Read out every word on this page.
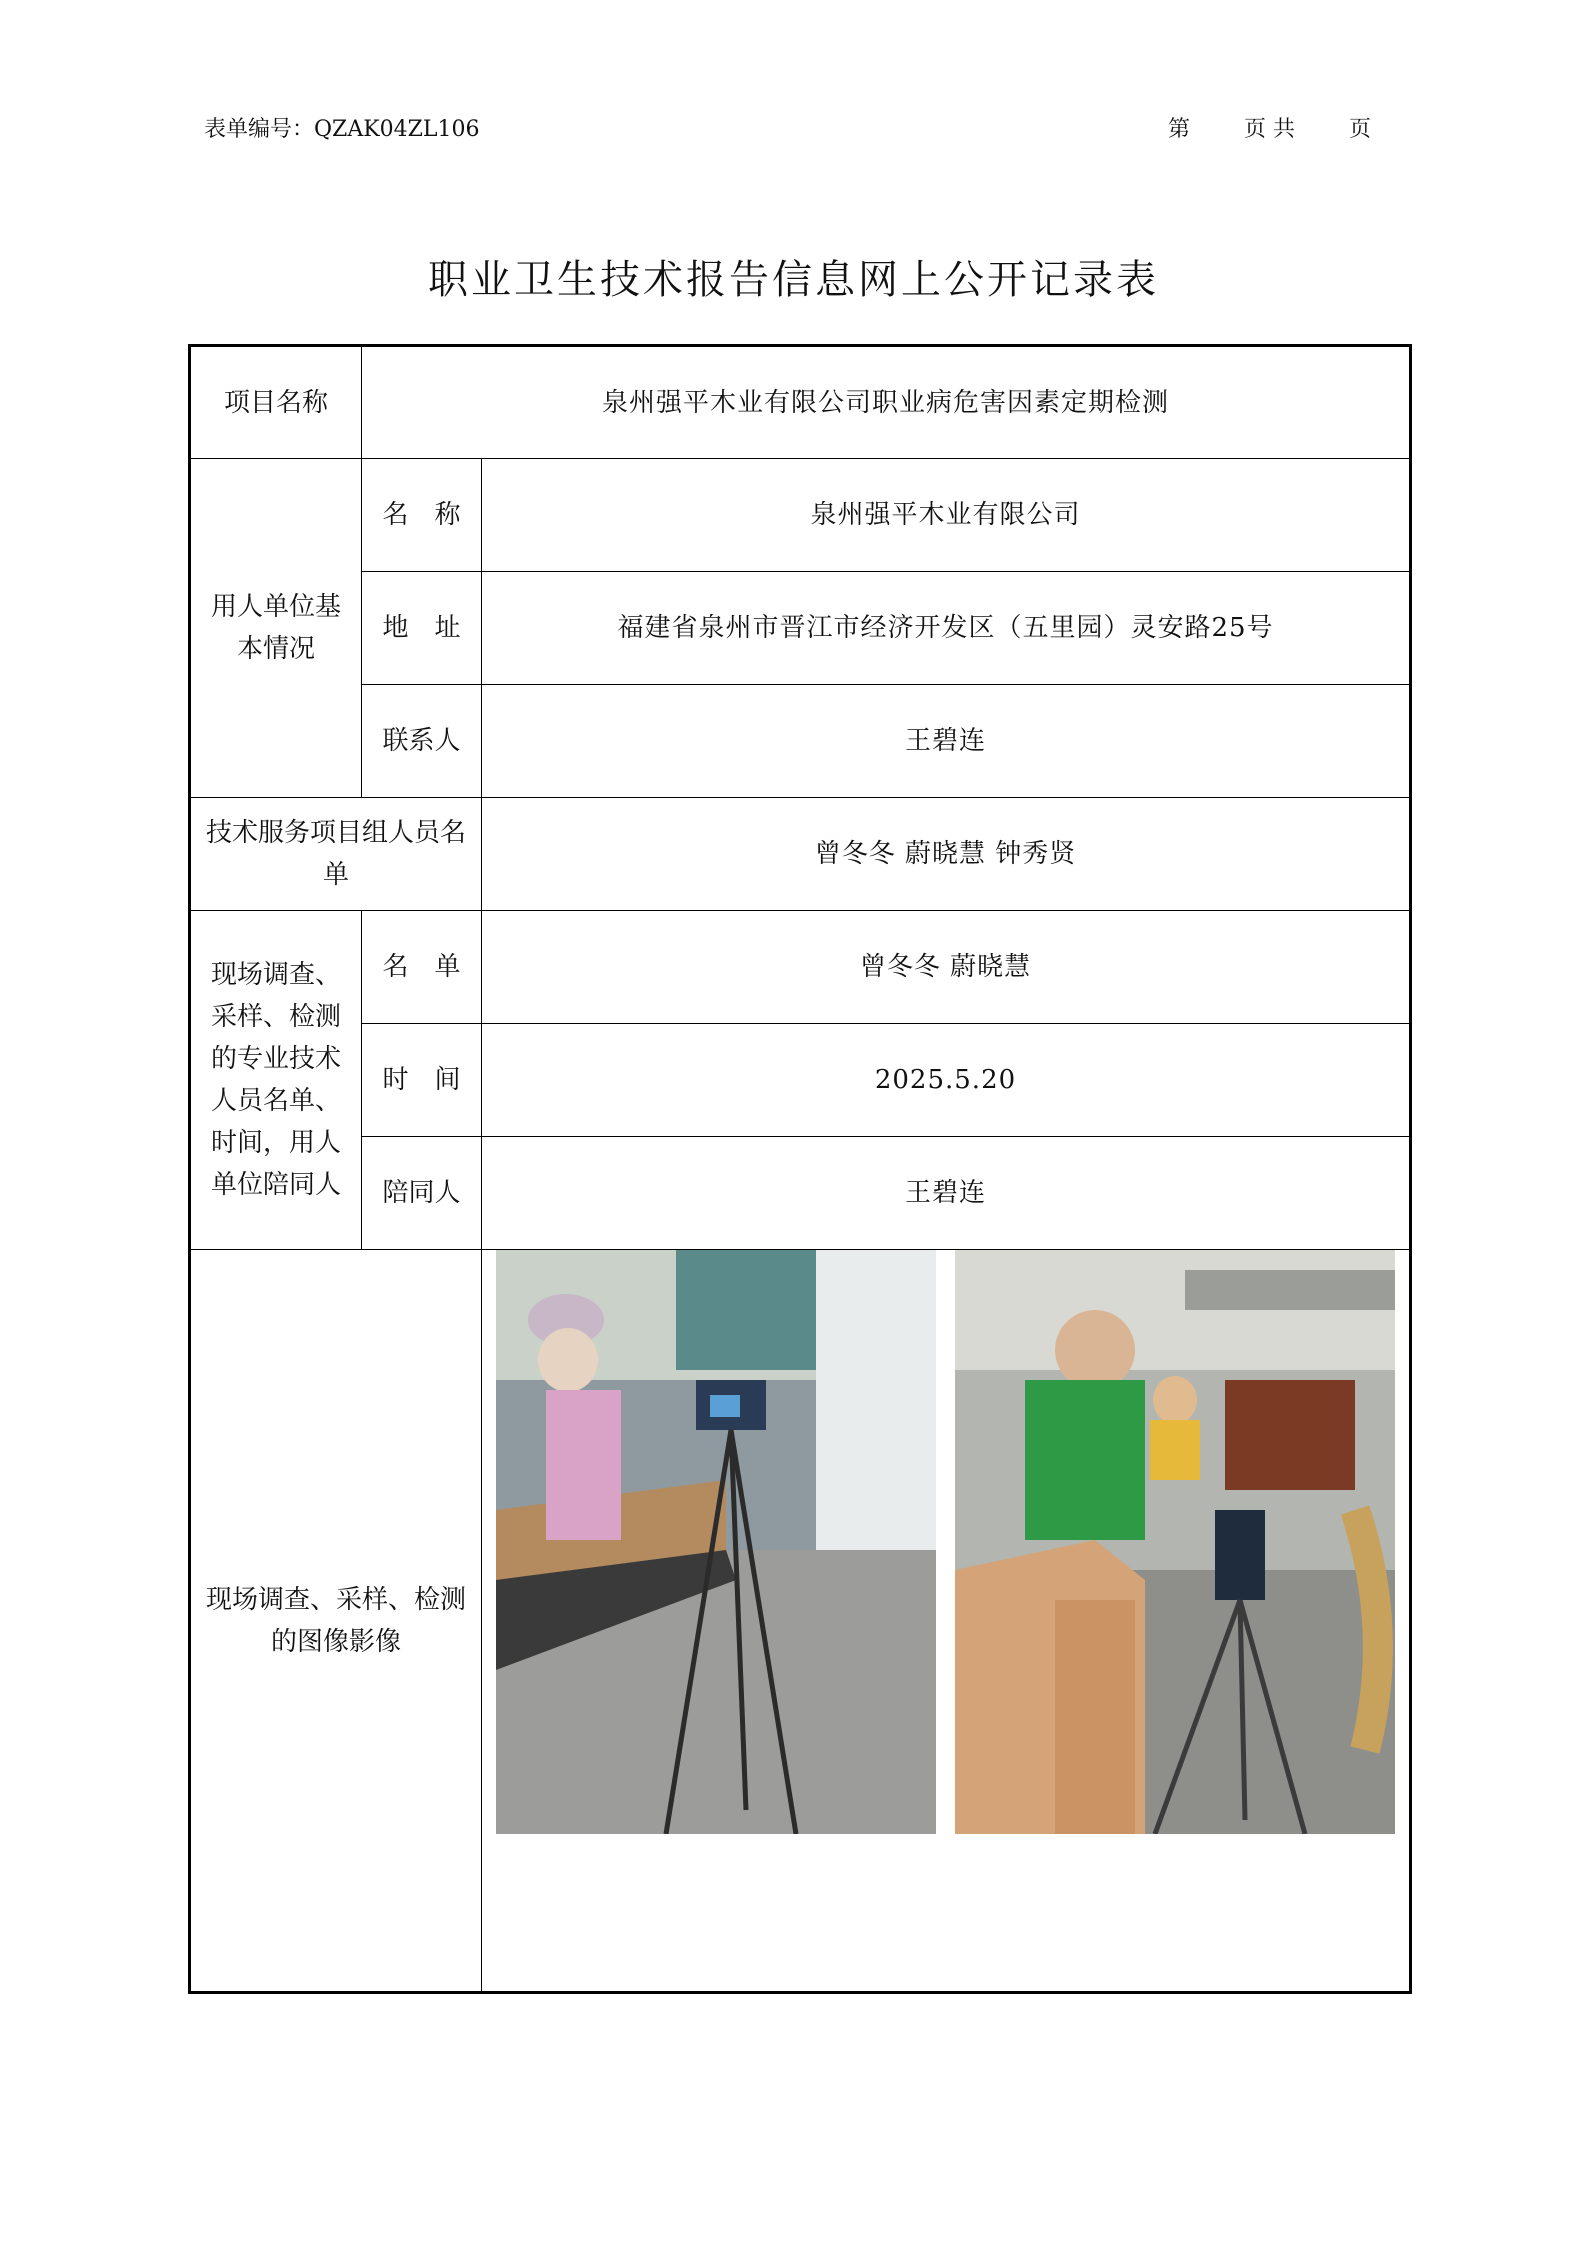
表单编号：QZAK04ZL106	第 页 共 页
职业卫生技术报告信息网上公开记录表
项目名称	泉州强平木业有限公司职业病危害因素定期检测	
用人单位基本情况	名　称	泉州强平木业有限公司
	地　址	福建省泉州市晋江市经济开发区（五里园）灵安路25号
	联系人	王碧连
技术服务项目组人员名单		曾冬冬 蔚晓慧 钟秀贤
现场调查、采样、检测的专业技术人员名单、时间，用人单位陪同人	名　单	曾冬冬 蔚晓慧
	时　间	2025.5.20
	陪同人	王碧连
现场调查、采样、检测的图像影像	
